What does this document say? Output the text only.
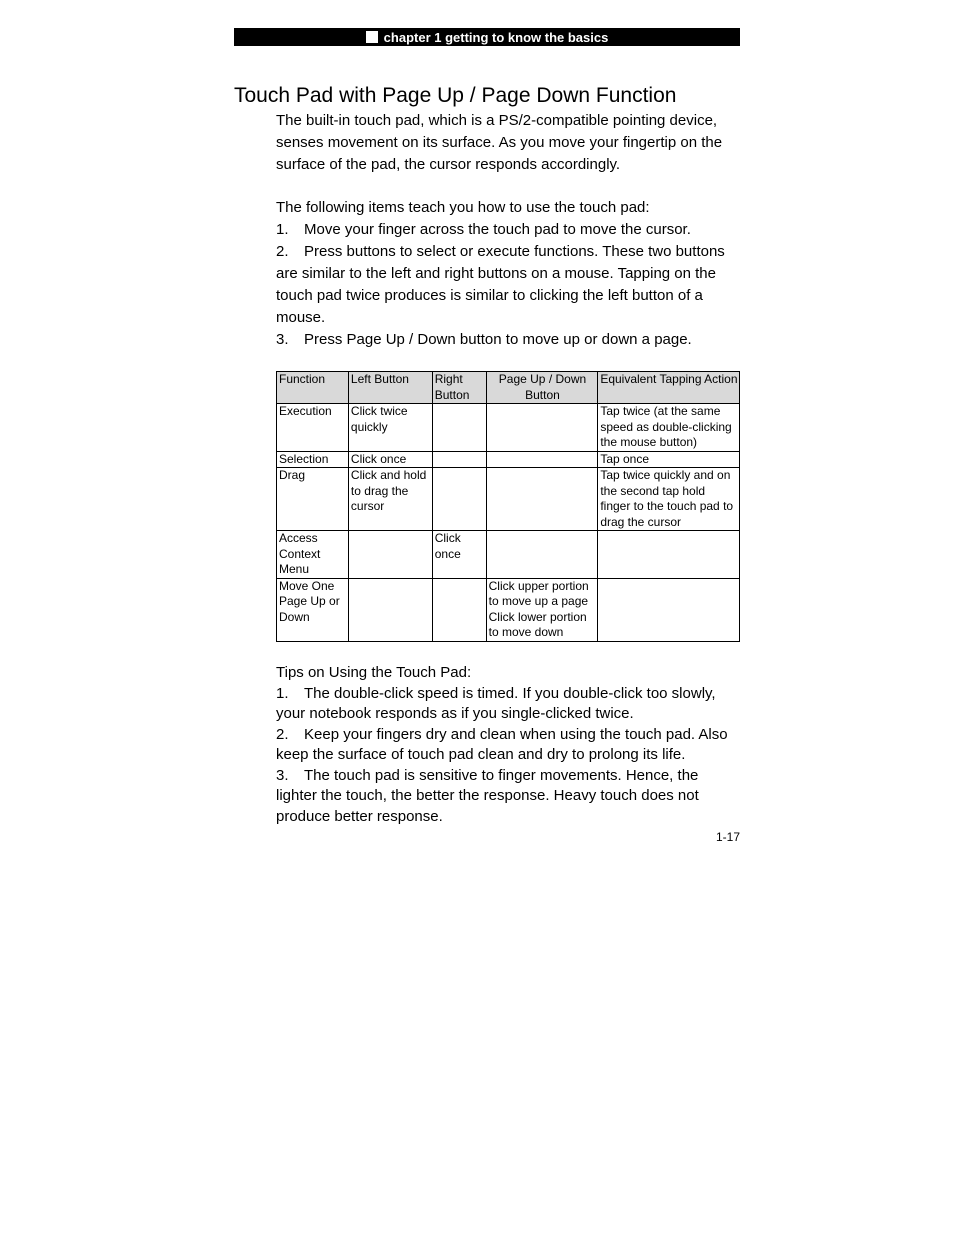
chapter 1 getting to know the basics
Touch Pad with Page Up / Page Down Function

The built-in touch pad, which is a PS/2-compatible pointing device, senses movement on its surface. As you move your fingertip on the surface of the pad, the cursor responds accordingly.

The following items teach you how to use the touch pad:

1. Move your finger across the touch pad to move the cursor.

2. Press buttons to select or execute functions. These two buttons are similar to the left and right buttons on a mouse. Tapping on the touch pad twice produces is similar to clicking the left button of a mouse.

3. Press Page Up / Down button to move up or down a page.

Function	Left Button	Right Button	Page Up / Down Button	Equivalent Tapping Action
Execution	Click twice quickly			Tap twice (at the same speed as double-clicking the mouse button)
Selection	Click once			Tap once
Drag	Click and hold to drag the cursor			Tap twice quickly and on the second tap hold finger to the touch pad to drag the cursor
Access Context Menu		Click once		
Move One Page Up or Down			Click upper portion to move up a page Click lower portion to move down	

Tips on Using the Touch Pad:

1. The double-click speed is timed. If you double-click too slowly, your notebook responds as if you single-clicked twice.

2. Keep your fingers dry and clean when using the touch pad. Also keep the surface of touch pad clean and dry to prolong its life.

3. The touch pad is sensitive to finger movements. Hence, the lighter the touch, the better the response. Heavy touch does not produce better response.

1-17
